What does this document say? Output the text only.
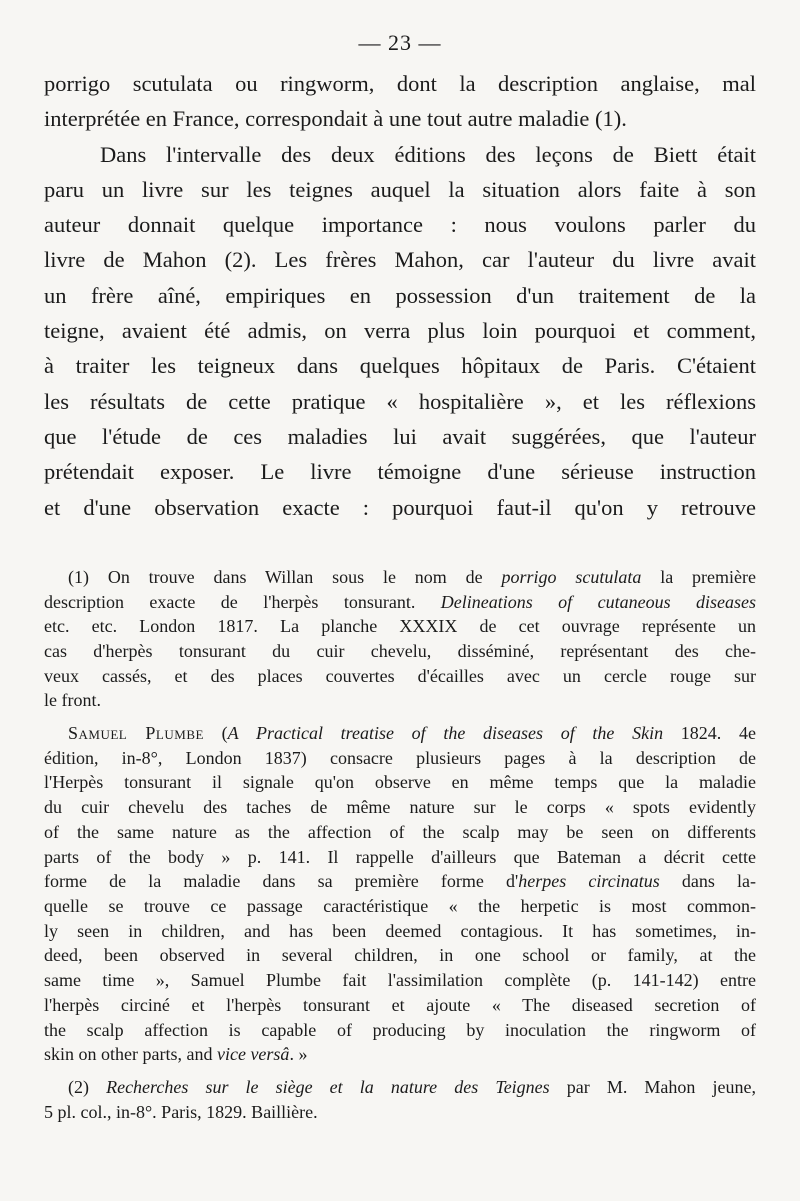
— 23 —

porrigo scutulata ou ringworm, dont la description anglaise, mal
interprétée en France, correspondait à une tout autre maladie (1).

Dans l'intervalle des deux éditions des leçons de Biett était
paru un livre sur les teignes auquel la situation alors faite à son
auteur donnait quelque importance : nous voulons parler du
livre de Mahon (2). Les frères Mahon, car l'auteur du livre avait
un frère aîné, empiriques en possession d'un traitement de la
teigne, avaient été admis, on verra plus loin pourquoi et comment,
à traiter les teigneux dans quelques hôpitaux de Paris. C'étaient
les résultats de cette pratique « hospitalière », et les réflexions
que l'étude de ces maladies lui avait suggérées, que l'auteur
prétendait exposer. Le livre témoigne d'une sérieuse instruction
et d'une observation exacte : pourquoi faut-il qu'on y retrouve

(1) On trouve dans Willan sous le nom de porrigo scutulata la première
description exacte de l'herpès tonsurant. Delineations of cutaneous diseases
etc. etc. London 1817. La planche XXXIX de cet ouvrage représente un
cas d'herpès tonsurant du cuir chevelu, disséminé, représentant des che-
veux cassés, et des places couvertes d'écailles avec un cercle rouge sur
le front.
Samuel Plumbe (A Practical treatise of the diseases of the Skin 1824. 4e
édition, in-8°, London 1837) consacre plusieurs pages à la description de
l'Herpès tonsurant il signale qu'on observe en même temps que la maladie
du cuir chevelu des taches de même nature sur le corps « spots evidently
of the same nature as the affection of the scalp may be seen on differents
parts of the body » p. 141. Il rappelle d'ailleurs que Bateman a décrit cette
forme de la maladie dans sa première forme d'herpes circinatus dans la-
quelle se trouve ce passage caractéristique « the herpetic is most common-
ly seen in children, and has been deemed contagious. It has sometimes, in-
deed, been observed in several children, in one school or family, at the
same time », Samuel Plumbe fait l'assimilation complète (p. 141-142) entre
l'herpès circiné et l'herpès tonsurant et ajoute « The diseased secretion of
the scalp affection is capable of producing by inoculation the ringworm of
skin on other parts, and vice versâ. »
(2) Recherches sur le siège et la nature des Teignes par M. Mahon jeune,
5 pl. col., in-8°. Paris, 1829. Baillière.
